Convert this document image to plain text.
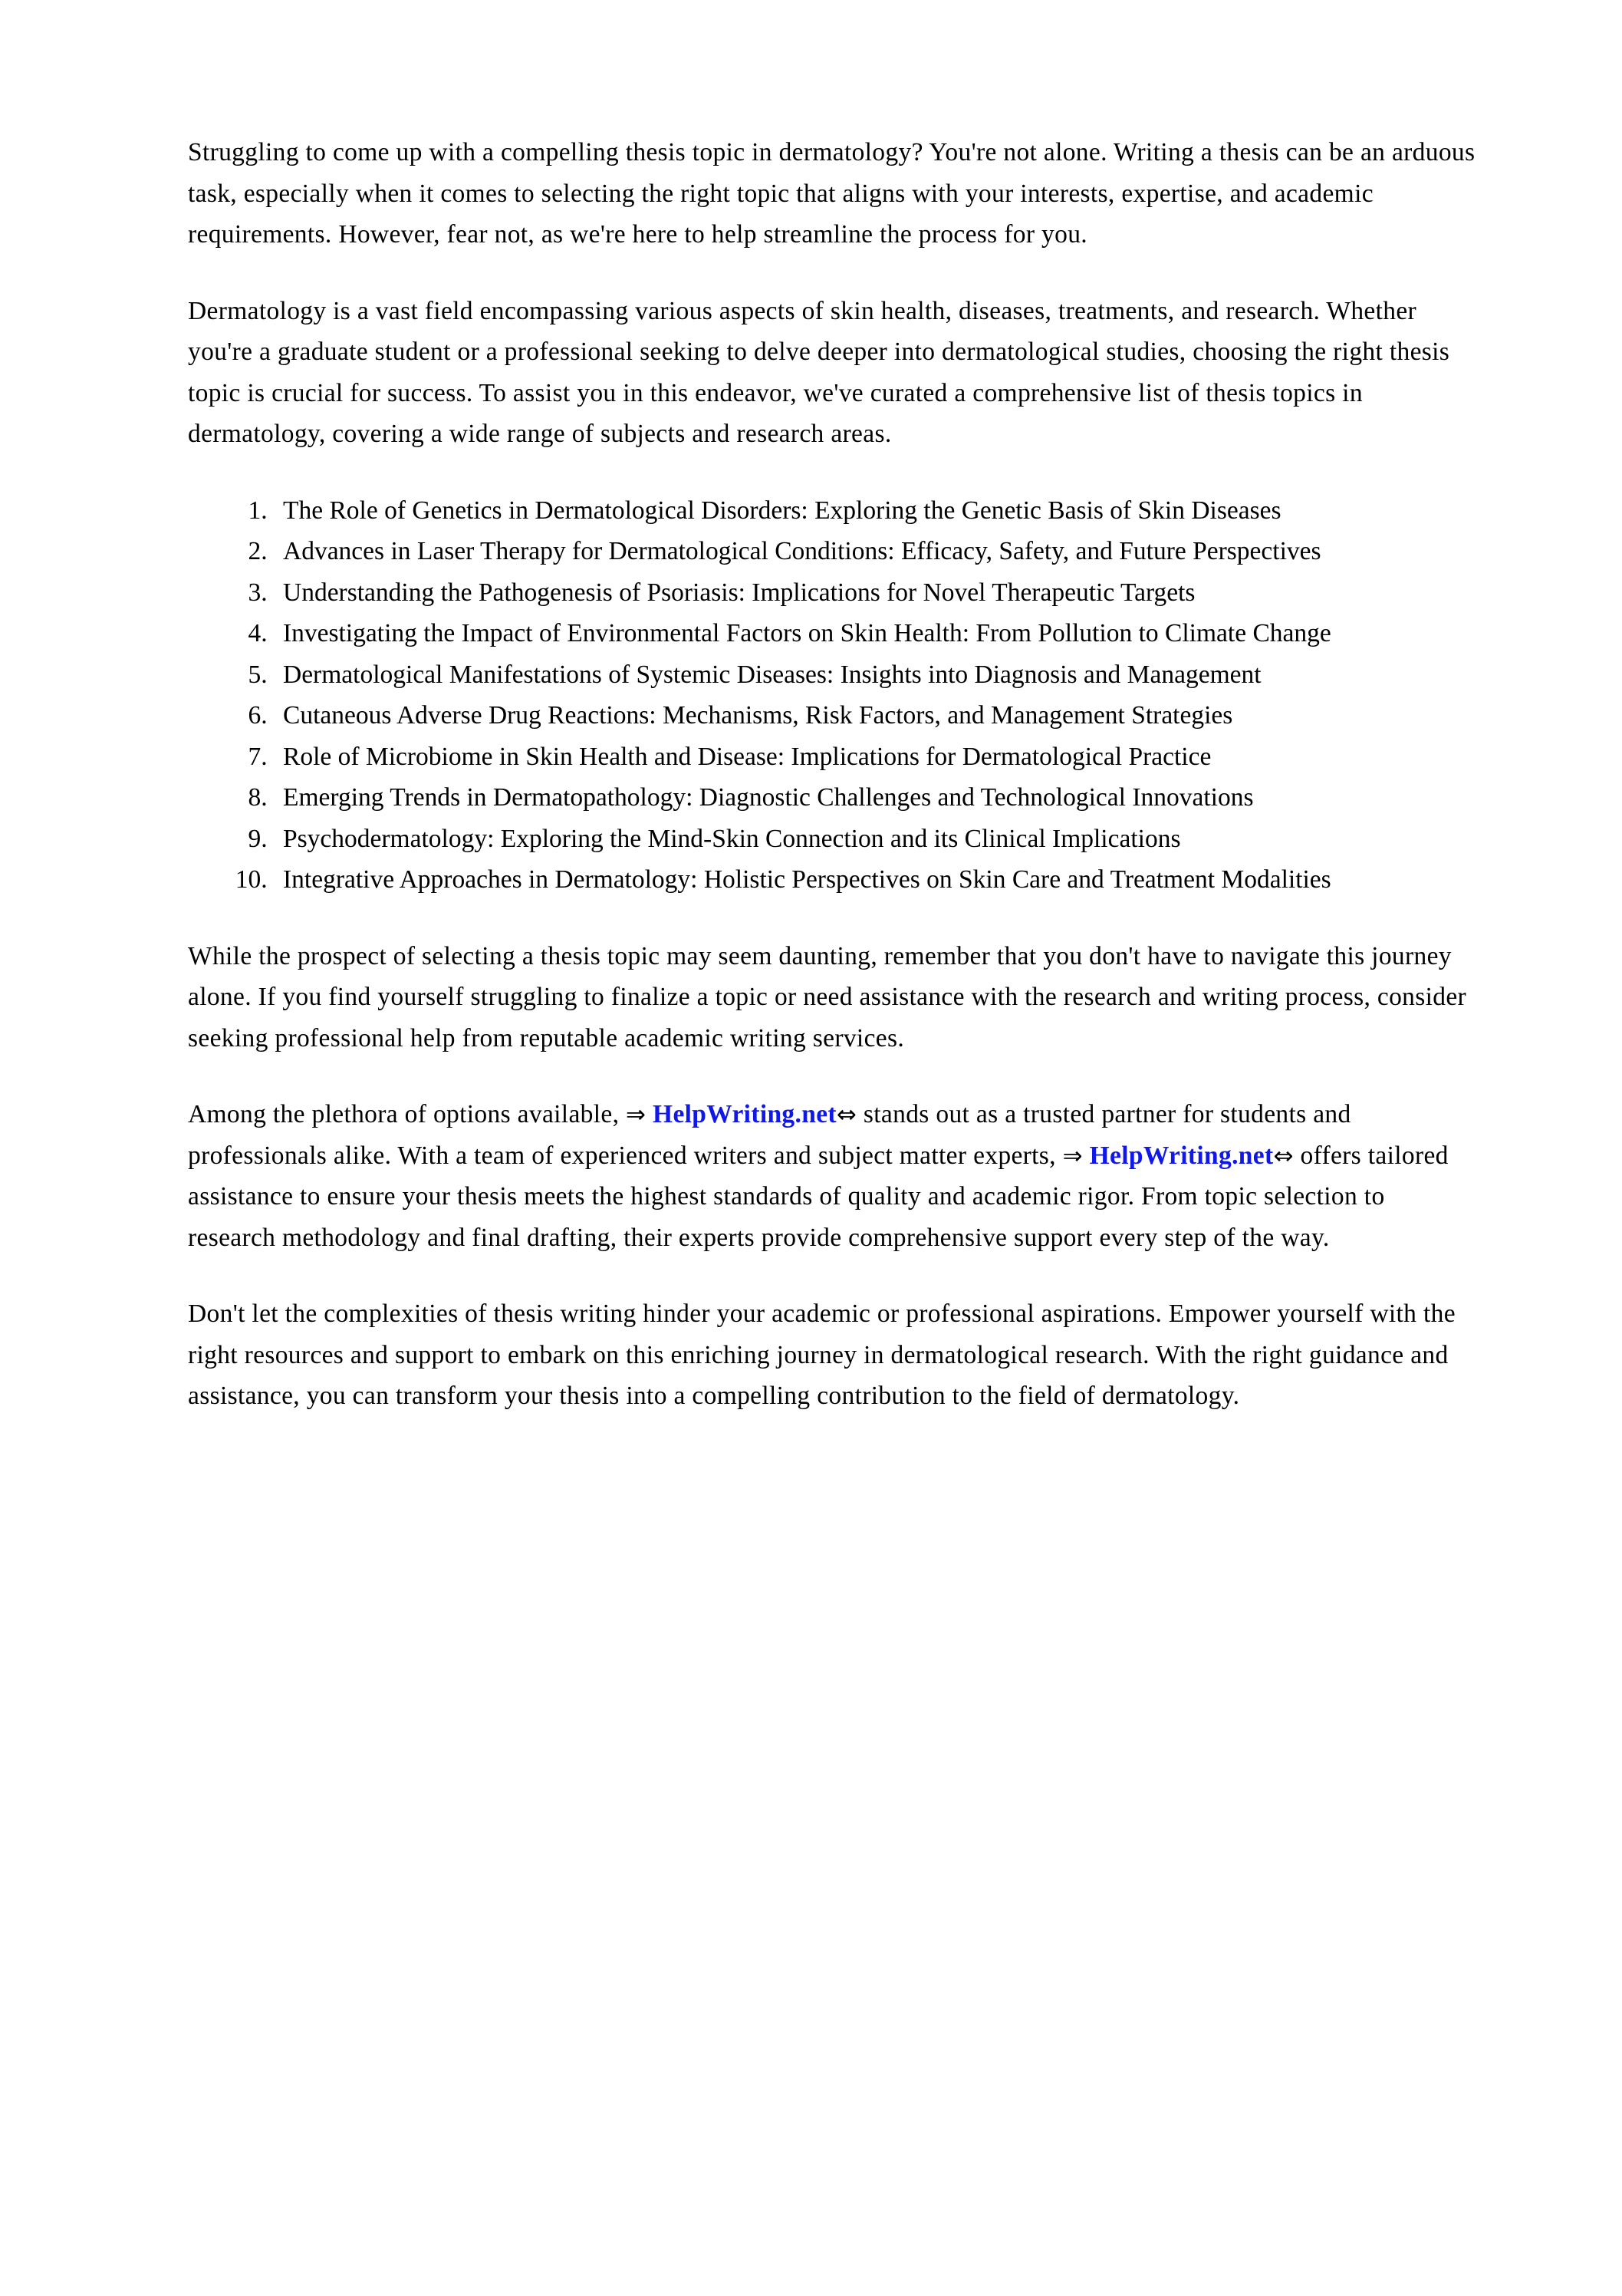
Struggling to come up with a compelling thesis topic in dermatology? You're not alone. Writing a thesis can be an arduous task, especially when it comes to selecting the right topic that aligns with your interests, expertise, and academic requirements. However, fear not, as we're here to help streamline the process for you.

Dermatology is a vast field encompassing various aspects of skin health, diseases, treatments, and research. Whether you're a graduate student or a professional seeking to delve deeper into dermatological studies, choosing the right thesis topic is crucial for success. To assist you in this endeavor, we've curated a comprehensive list of thesis topics in dermatology, covering a wide range of subjects and research areas.

1. The Role of Genetics in Dermatological Disorders: Exploring the Genetic Basis of Skin Diseases
2. Advances in Laser Therapy for Dermatological Conditions: Efficacy, Safety, and Future Perspectives
3. Understanding the Pathogenesis of Psoriasis: Implications for Novel Therapeutic Targets
4. Investigating the Impact of Environmental Factors on Skin Health: From Pollution to Climate Change
5. Dermatological Manifestations of Systemic Diseases: Insights into Diagnosis and Management
6. Cutaneous Adverse Drug Reactions: Mechanisms, Risk Factors, and Management Strategies
7. Role of Microbiome in Skin Health and Disease: Implications for Dermatological Practice
8. Emerging Trends in Dermatopathology: Diagnostic Challenges and Technological Innovations
9. Psychodermatology: Exploring the Mind-Skin Connection and its Clinical Implications
10. Integrative Approaches in Dermatology: Holistic Perspectives on Skin Care and Treatment Modalities

While the prospect of selecting a thesis topic may seem daunting, remember that you don't have to navigate this journey alone. If you find yourself struggling to finalize a topic or need assistance with the research and writing process, consider seeking professional help from reputable academic writing services.

Among the plethora of options available, ⇒ HelpWriting.net⇔ stands out as a trusted partner for students and professionals alike. With a team of experienced writers and subject matter experts, ⇒ HelpWriting.net⇔ offers tailored assistance to ensure your thesis meets the highest standards of quality and academic rigor. From topic selection to research methodology and final drafting, their experts provide comprehensive support every step of the way.

Don't let the complexities of thesis writing hinder your academic or professional aspirations. Empower yourself with the right resources and support to embark on this enriching journey in dermatological research. With the right guidance and assistance, you can transform your thesis into a compelling contribution to the field of dermatology.
